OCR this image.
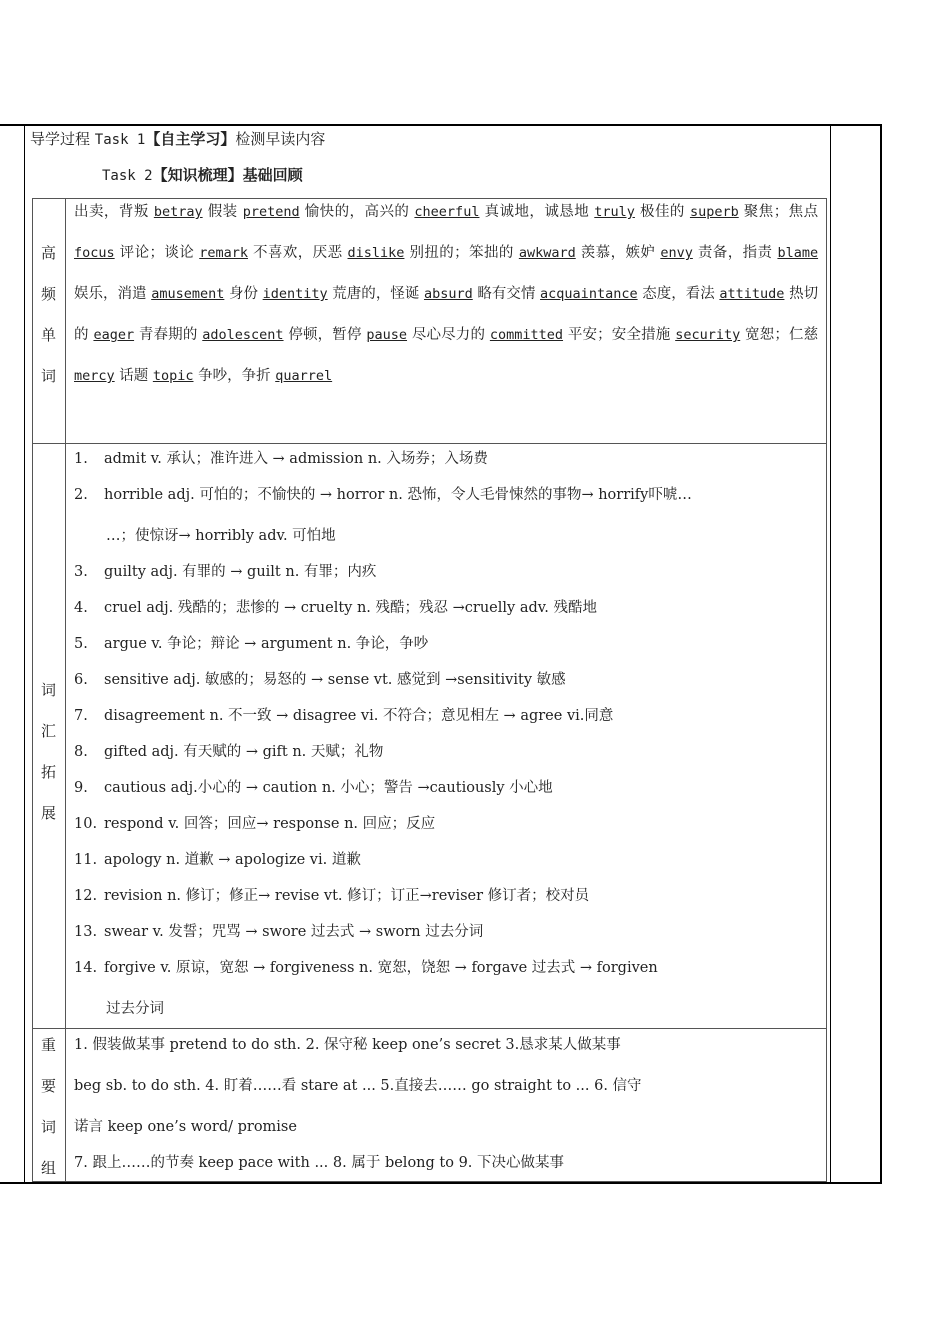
导学过程 Task 1【自主学习】检测早读内容
Task 2【知识梳理】基础回顾
高
频
单
词
词
汇
拓
展
重
要
词
组
出卖，背叛 betray 假装 pretend 愉快的，高兴的 cheerful 真诚地，诚恳地 truly 极佳的 superb 聚焦；焦点 focus 评论；谈论 remark 不喜欢，厌恶 dislike 别扭的；笨拙的 awkward 羡慕，嫉妒 envy 责备，指责 blame 娱乐，消遣 amusement 身份 identity 荒唐的，怪诞 absurd 略有交情 acquaintance 态度，看法 attitude 热切的 eager 青春期的 adolescent 停顿，暂停 pause 尽心尽力的 committed 平安；安全措施 security 宽恕；仁慈 mercy 话题 topic 争吵，争折 quarrel
1. admit v. 承认；准许进入 → admission n. 入场券；入场费
2. horrible adj. 可怕的；不愉快的 → horror n. 恐怖，令人毛骨悚然的事物→ horrify吓唬…
…；使惊讶→ horribly adv. 可怕地
3. guilty adj. 有罪的 → guilt n. 有罪；内疚
4. cruel adj. 残酷的；悲惨的 → cruelty n. 残酷；残忍 →cruelly adv. 残酷地
5. argue v. 争论；辩论 → argument n. 争论，争吵
6. sensitive adj. 敏感的；易怒的 → sense vt. 感觉到 →sensitivity 敏感
7. disagreement n. 不一致 → disagree vi. 不符合；意见相左 → agree vi.同意
8. gifted adj. 有天赋的 → gift n. 天赋；礼物
9. cautious adj.小心的 → caution n. 小心；警告 →cautiously 小心地
10. respond v. 回答；回应→ response n. 回应；反应
11. apology n. 道歉 → apologize vi. 道歉
12. revision n. 修订；修正→ revise vt. 修订；订正→reviser 修订者；校对员
13. swear v. 发誓；咒骂 → swore 过去式 → sworn 过去分词
14. forgive v. 原谅，宽恕 → forgiveness n. 宽恕，饶恕 → forgave 过去式 → forgiven
过去分词
1. 假装做某事 pretend to do sth. 2. 保守秘 keep one’s secret 3.恳求某人做某事
beg sb. to do sth. 4. 盯着……看 stare at ... 5.直接去…… go straight to ... 6. 信守
诺言 keep one’s word/ promise
7. 跟上……的节奏 keep pace with ... 8. 属于 belong to 9. 下决心做某事
